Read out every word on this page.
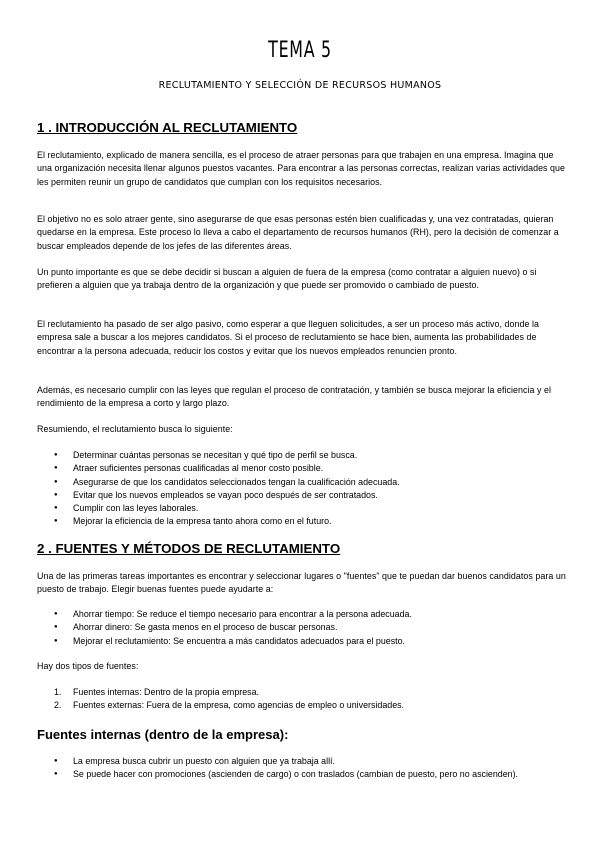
TEMA 5
RECLUTAMIENTO Y SELECCIÓN DE RECURSOS HUMANOS
1 . INTRODUCCIÓN AL RECLUTAMIENTO

El reclutamiento, explicado de manera sencilla, es el proceso de atraer personas para que trabajen en una empresa. Imagina que una organización necesita llenar algunos puestos vacantes. Para encontrar a las personas correctas, realizan varias actividades que les permiten reunir un grupo de candidatos que cumplan con los requisitos necesarios.

El objetivo no es solo atraer gente, sino asegurarse de que esas personas estén bien cualificadas y, una vez contratadas, quieran quedarse en la empresa. Este proceso lo lleva a cabo el departamento de recursos humanos (RH), pero la decisión de comenzar a buscar empleados depende de los jefes de las diferentes áreas.

Un punto importante es que se debe decidir si buscan a alguien de fuera de la empresa (como contratar a alguien nuevo) o si prefieren a alguien que ya trabaja dentro de la organización y que puede ser promovido o cambiado de puesto.

El reclutamiento ha pasado de ser algo pasivo, como esperar a que lleguen solicitudes, a ser un proceso más activo, donde la empresa sale a buscar a los mejores candidatos. Si el proceso de reclutamiento se hace bien, aumenta las probabilidades de encontrar a la persona adecuada, reducir los costos y evitar que los nuevos empleados renuncien pronto.

Además, es necesario cumplir con las leyes que regulan el proceso de contratación, y también se busca mejorar la eficiencia y el rendimiento de la empresa a corto y largo plazo.

Resumiendo, el reclutamiento busca lo siguiente:

● Determinar cuántas personas se necesitan y qué tipo de perfil se busca.
● Atraer suficientes personas cualificadas al menor costo posible.
● Asegurarse de que los candidatos seleccionados tengan la cualificación adecuada.
● Evitar que los nuevos empleados se vayan poco después de ser contratados.
● Cumplir con las leyes laborales.
● Mejorar la eficiencia de la empresa tanto ahora como en el futuro.
2 . FUENTES Y MÉTODOS DE RECLUTAMIENTO

Una de las primeras tareas importantes es encontrar y seleccionar lugares o "fuentes" que te puedan dar buenos candidatos para un puesto de trabajo. Elegir buenas fuentes puede ayudarte a:

● Ahorrar tiempo: Se reduce el tiempo necesario para encontrar a la persona adecuada.
● Ahorrar dinero: Se gasta menos en el proceso de buscar personas.
● Mejorar el reclutamiento: Se encuentra a más candidatos adecuados para el puesto.

Hay dos tipos de fuentes:

1. Fuentes internas: Dentro de la propia empresa.
2. Fuentes externas: Fuera de la empresa, como agencias de empleo o universidades.
Fuentes internas (dentro de la empresa):
● La empresa busca cubrir un puesto con alguien que ya trabaja allí.
● Se puede hacer con promociones (ascienden de cargo) o con traslados (cambian de puesto, pero no ascienden).
